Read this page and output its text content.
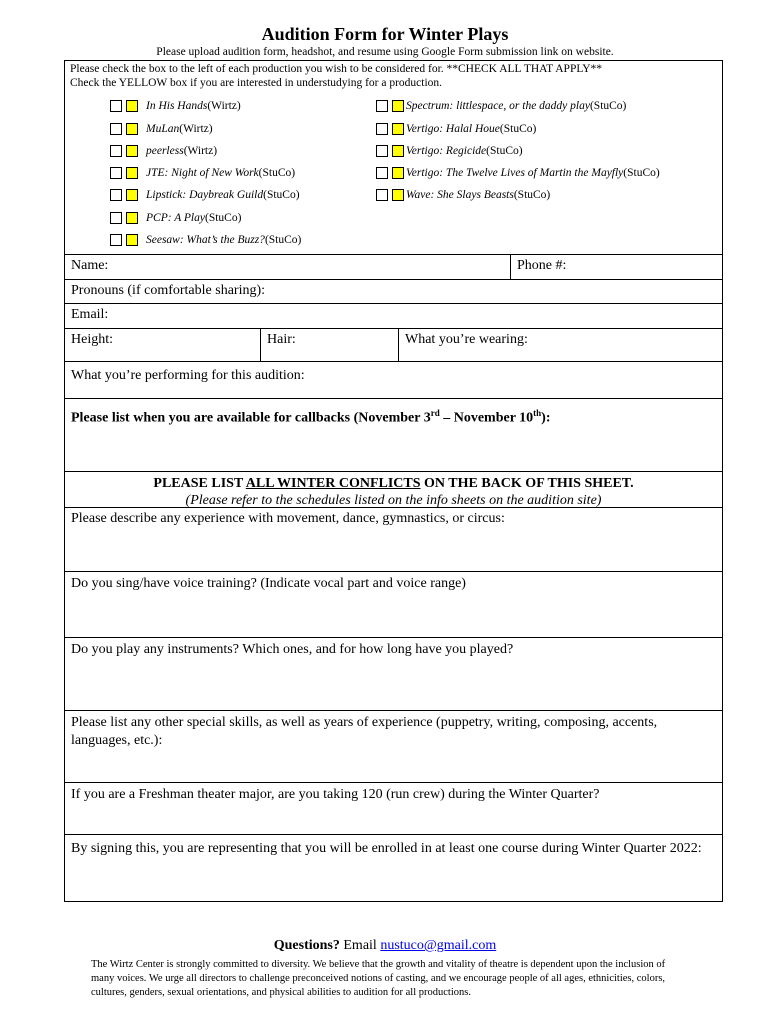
Audition Form for Winter Plays
Please upload audition form, headshot, and resume using Google Form submission link on website.
Please check the box to the left of each production you wish to be considered for. **CHECK ALL THAT APPLY**
Check the YELLOW box if you are interested in understudying for a production.
In His Hands (Wirtz)
MuLan (Wirtz)
peerless (Wirtz)
JTE: Night of New Work (StuCo)
Lipstick: Daybreak Guild (StuCo)
PCP: A Play (StuCo)
Seesaw: What’s the Buzz? (StuCo)
Spectrum: littlespace, or the daddy play (StuCo)
Vertigo: Halal Houe (StuCo)
Vertigo: Regicide (StuCo)
Vertigo: The Twelve Lives of Martin the Mayfly (StuCo)
Wave: She Slays Beasts (StuCo)
Name:	Phone #:
Pronouns (if comfortable sharing):
Email:
Height:	Hair:	What you’re wearing:
What you’re performing for this audition:
Please list when you are available for callbacks (November 3rd – November 10th):
PLEASE LIST ALL WINTER CONFLICTS ON THE BACK OF THIS SHEET.
(Please refer to the schedules listed on the info sheets on the audition site)
Please describe any experience with movement, dance, gymnastics, or circus:
Do you sing/have voice training? (Indicate vocal part and voice range)
Do you play any instruments? Which ones, and for how long have you played?
Please list any other special skills, as well as years of experience (puppetry, writing, composing, accents, languages, etc.):
If you are a Freshman theater major, are you taking 120 (run crew) during the Winter Quarter?
By signing this, you are representing that you will be enrolled in at least one course during Winter Quarter 2022:
Questions? Email nustuco@gmail.com
The Wirtz Center is strongly committed to diversity. We believe that the growth and vitality of theatre is dependent upon the inclusion of many voices. We urge all directors to challenge preconceived notions of casting, and we encourage people of all ages, ethnicities, colors, cultures, genders, sexual orientations, and physical abilities to audition for all productions.
